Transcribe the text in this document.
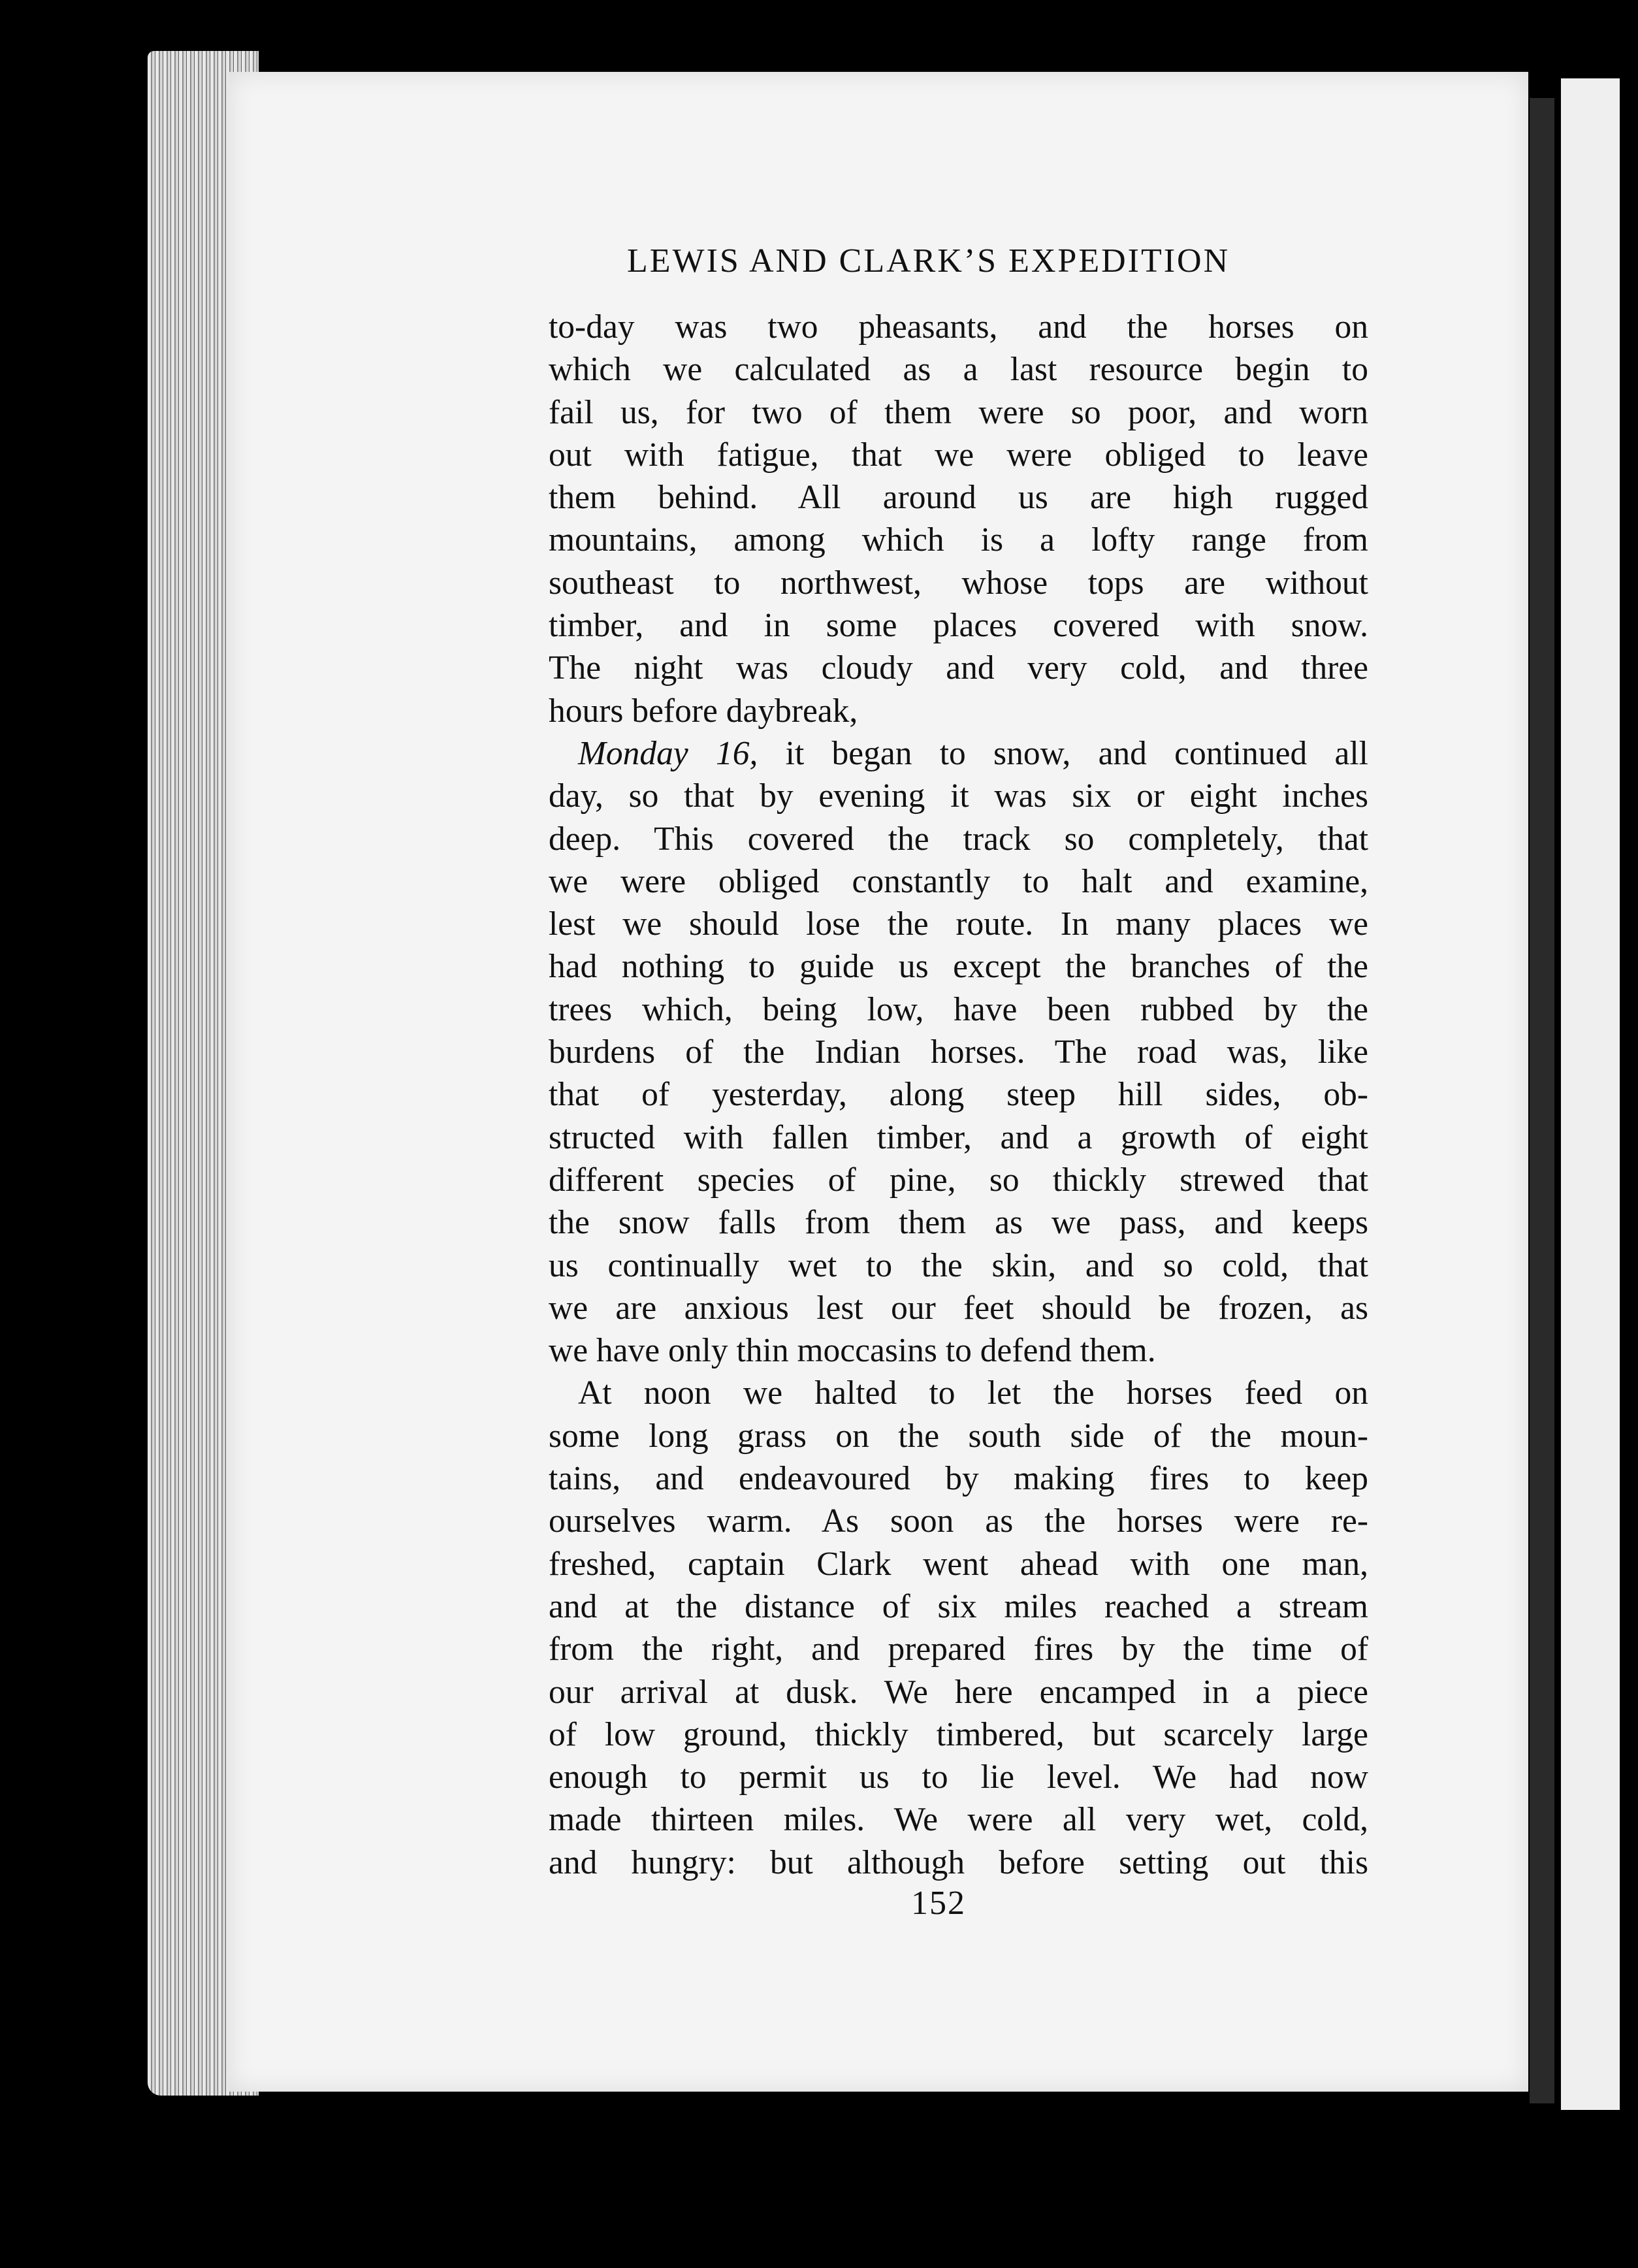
LEWIS AND CLARK’S EXPEDITION
to-day was two pheasants, and the horses on
which we calculated as a last resource begin to
fail us, for two of them were so poor, and worn
out with fatigue, that we were obliged to leave
them behind. All around us are high rugged
mountains, among which is a lofty range from
southeast to northwest, whose tops are without
timber, and in some places covered with snow.
The night was cloudy and very cold, and three
hours before daybreak,
Monday 16, it began to snow, and continued all
day, so that by evening it was six or eight inches
deep. This covered the track so completely, that
we were obliged constantly to halt and examine,
lest we should lose the route. In many places we
had nothing to guide us except the branches of the
trees which, being low, have been rubbed by the
burdens of the Indian horses. The road was, like
that of yesterday, along steep hill sides, ob-
structed with fallen timber, and a growth of eight
different species of pine, so thickly strewed that
the snow falls from them as we pass, and keeps
us continually wet to the skin, and so cold, that
we are anxious lest our feet should be frozen, as
we have only thin moccasins to defend them.
At noon we halted to let the horses feed on
some long grass on the south side of the moun-
tains, and endeavoured by making fires to keep
ourselves warm. As soon as the horses were re-
freshed, captain Clark went ahead with one man,
and at the distance of six miles reached a stream
from the right, and prepared fires by the time of
our arrival at dusk. We here encamped in a piece
of low ground, thickly timbered, but scarcely large
enough to permit us to lie level. We had now
made thirteen miles. We were all very wet, cold,
and hungry: but although before setting out this
152
